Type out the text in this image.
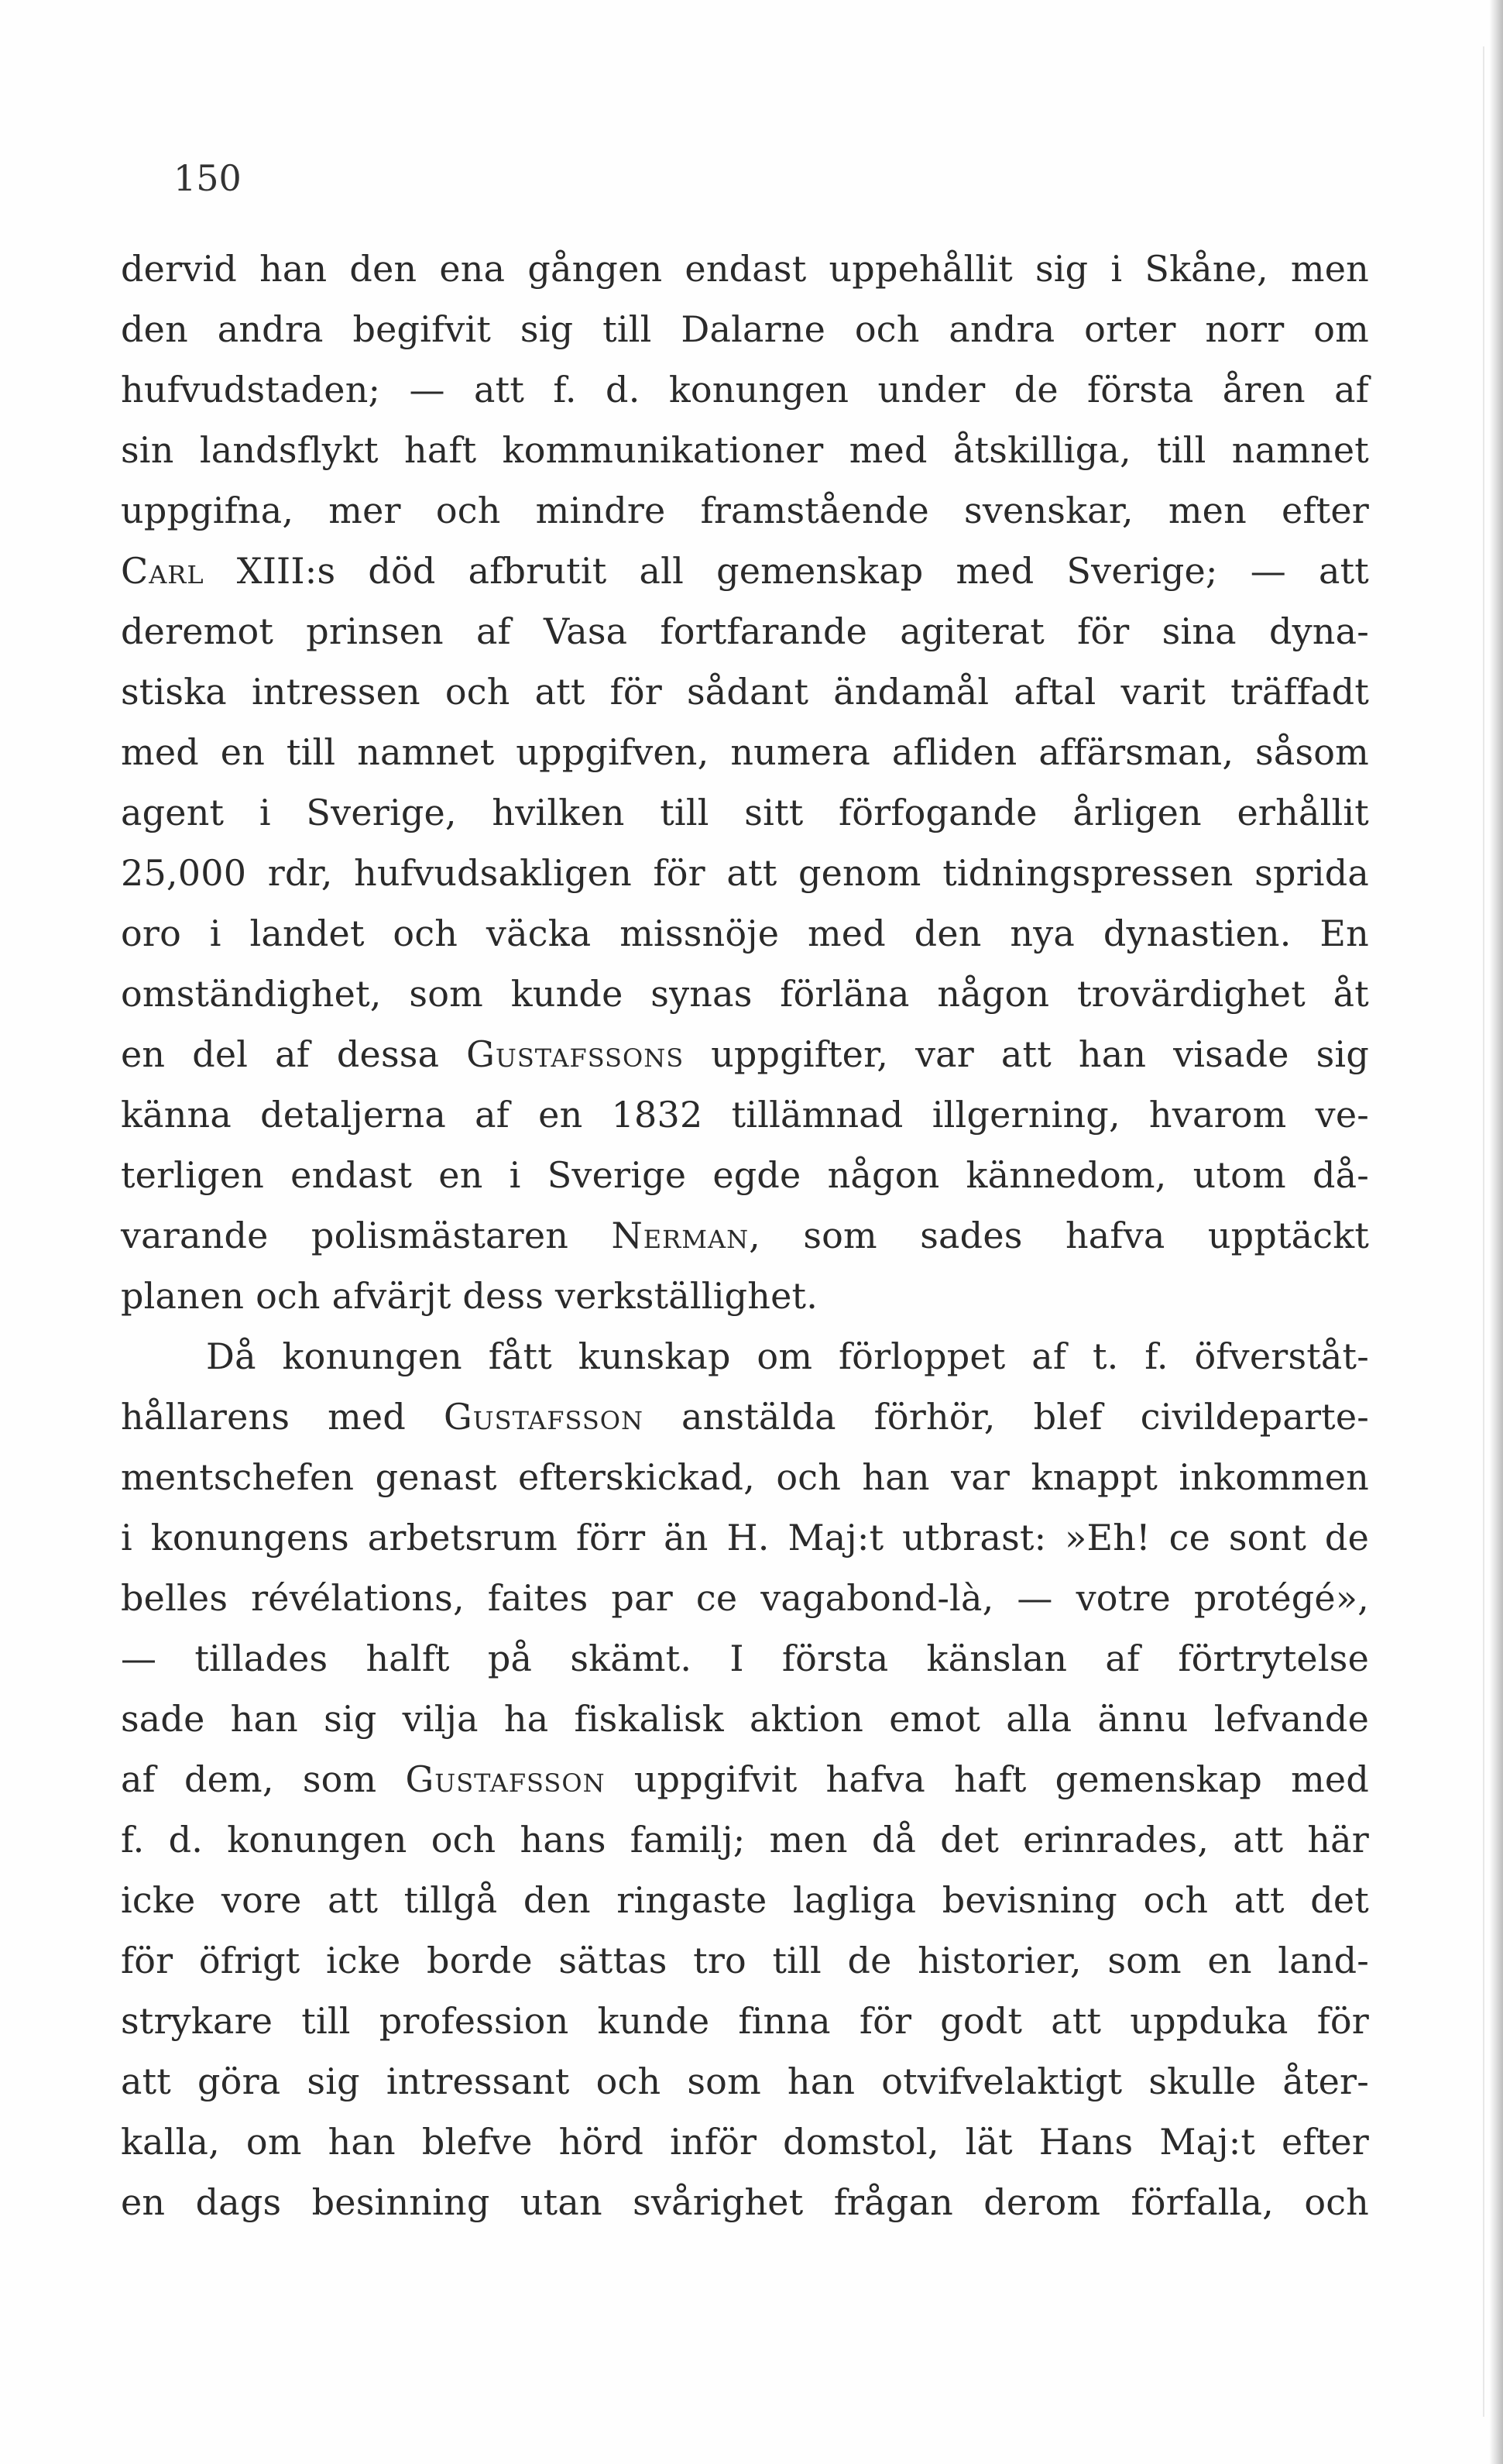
150
dervid han den ena gången endast uppehållit sig i Skåne, men
den andra begifvit sig till Dalarne och andra orter norr om
hufvudstaden; — att f. d. konungen under de första åren af
sin landsflykt haft kommunikationer med åtskilliga, till namnet
uppgifna, mer och mindre framstående svenskar, men efter
Carl XIII:s död afbrutit all gemenskap med Sverige; — att
deremot prinsen af Vasa fortfarande agiterat för sina dyna-
stiska intressen och att för sådant ändamål aftal varit träffadt
med en till namnet uppgifven, numera afliden affärsman, såsom
agent i Sverige, hvilken till sitt förfogande årligen erhållit
25,000 rdr, hufvudsakligen för att genom tidningspressen sprida
oro i landet och väcka missnöje med den nya dynastien. En
omständighet, som kunde synas förläna någon trovärdighet åt
en del af dessa Gustafssons uppgifter, var att han visade sig
känna detaljerna af en 1832 tillämnad illgerning, hvarom ve-
terligen endast en i Sverige egde någon kännedom, utom då-
varande polismästaren Nerman, som sades hafva upptäckt
planen och afvärjt dess verkställighet.
Då konungen fått kunskap om förloppet af t. f. öfverståt-
hållarens med Gustafsson anstälda förhör, blef civildeparte-
mentschefen genast efterskickad, och han var knappt inkommen
i konungens arbetsrum förr än H. Maj:t utbrast: »Eh! ce sont de
belles révélations, faites par ce vagabond-là, — votre protégé»,
— tillades halft på skämt. I första känslan af förtrytelse
sade han sig vilja ha fiskalisk aktion emot alla ännu lefvande
af dem, som Gustafsson uppgifvit hafva haft gemenskap med
f. d. konungen och hans familj; men då det erinrades, att här
icke vore att tillgå den ringaste lagliga bevisning och att det
för öfrigt icke borde sättas tro till de historier, som en land-
strykare till profession kunde finna för godt att uppduka för
att göra sig intressant och som han otvifvelaktigt skulle åter-
kalla, om han blefve hörd inför domstol, lät Hans Maj:t efter
en dags besinning utan svårighet frågan derom förfalla, och
